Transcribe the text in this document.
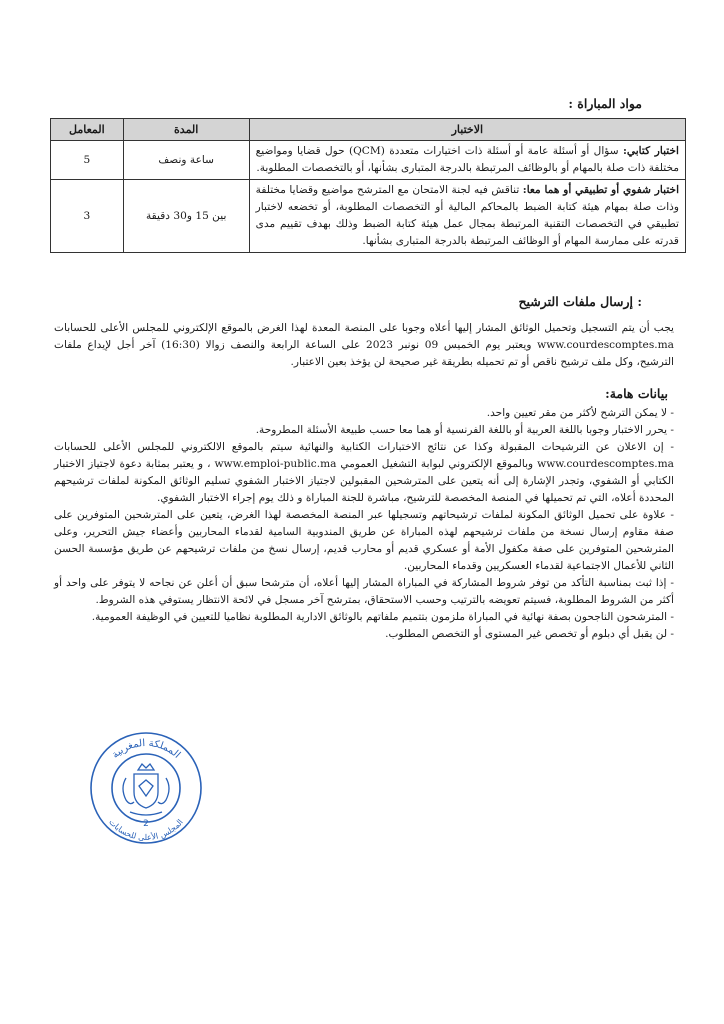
مواد المباراة :
الاختبار	المدة	المعامل
اختبار كتابي: سؤال أو أسئلة عامة أو أسئلة ذات اختيارات متعددة (QCM) حول قضايا ومواضيع مختلفة ذات صلة بالمهام أو بالوظائف المرتبطة بالدرجة المتبارى بشأنها، أو بالتخصصات المطلوبة.	ساعة ونصف	5
اختبار شفوي أو تطبيقي أو هما معا: تناقش فيه لجنة الامتحان مع المترشح مواضيع وقضايا مختلفة وذات صلة بمهام هيئة كتابة الضبط بالمحاكم المالية أو التخصصات المطلوبة، أو تخضعه لاختبار تطبيقي في التخصصات التقنية المرتبطة بمجال عمل هيئة كتابة الضبط وذلك بهدف تقييم مدى قدرته على ممارسة المهام أو الوظائف المرتبطة بالدرجة المتبارى بشأنها.	بين 15 و30 دقيقة	3
: إرسال ملفات الترشيح
يجب أن يتم التسجيل وتحميل الوثائق المشار إليها أعلاه وجوبا على المنصة المعدة لهذا الغرض بالموقع الإلكتروني للمجلس الأعلى للحسابات www.courdescomptes.ma ويعتبر يوم الخميس 09 نونبر 2023 على الساعة الرابعة والنصف زوالا (16:30) آخر أجل لإيداع ملفات الترشيح، وكل ملف ترشيح ناقص أو تم تحميله بطريقة غير صحيحة لن يؤخذ بعين الاعتبار.
بيانات هامة:

- لا يمكن الترشح لأكثر من مقر تعيين واحد.

- يحرر الاختبار وجوبا باللغة العربية أو باللغة الفرنسية أو هما معا حسب طبيعة الأسئلة المطروحة.

- إن الاعلان عن الترشيحات المقبولة وكذا عن نتائج الاختبارات الكتابية والنهائية سيتم بالموقع الالكتروني للمجلس الأعلى للحسابات www.courdescomptes.ma وبالموقع الإلكتروني لبوابة التشغيل العمومي www.emploi-public.ma ، و يعتبر بمثابة دعوة لاجتياز الاختبار الكتابي أو الشفوي، وتجدر الإشارة إلى أنه يتعين على المترشحين المقبولين لاجتياز الاختبار الشفوي تسليم الوثائق المكونة لملفات ترشيحهم المحددة أعلاه، التي تم تحميلها في المنصة المخصصة للترشيح، مباشرة للجنة المباراة و ذلك يوم إجراء الاختبار الشفوي.

- علاوة على تحميل الوثائق المكونة لملفات ترشيحاتهم وتسجيلها عبر المنصة المخصصة لهذا الغرض، يتعين على المترشحين المتوفرين على صفة مقاوم إرسال نسخة من ملفات ترشيحهم لهذه المباراة عن طريق المندوبية السامية لقدماء المحاربين وأعضاء جيش التحرير، وعلى المترشحين المتوفرين على صفة مكفول الأمة أو عسكري قديم أو محارب قديم، إرسال نسخ من ملفات ترشيحهم عن طريق مؤسسة الحسن الثاني للأعمال الاجتماعية لقدماء العسكريين وقدماء المحاربين.

- إذا ثبت بمناسبة التأكد من توفر شروط المشاركة في المباراة المشار إليها أعلاه، أن مترشحا سبق أن أعلن عن نجاحه لا يتوفر على واحد أو أكثر من الشروط المطلوبة، فسيتم تعويضه بالترتيب وحسب الاستحقاق، بمترشح آخر مسجل في لائحة الانتظار يستوفي هذه الشروط.

- المترشحون الناجحون بصفة نهائية في المباراة ملزمون بتتميم ملفاتهم بالوثائق الادارية المطلوبة نظاميا للتعيين في الوظيفة العمومية.

- لن يقبل أي دبلوم أو تخصص غير المستوى أو التخصص المطلوب.

المملكة المغربية
المجلس الأعلى للحسابات
2
